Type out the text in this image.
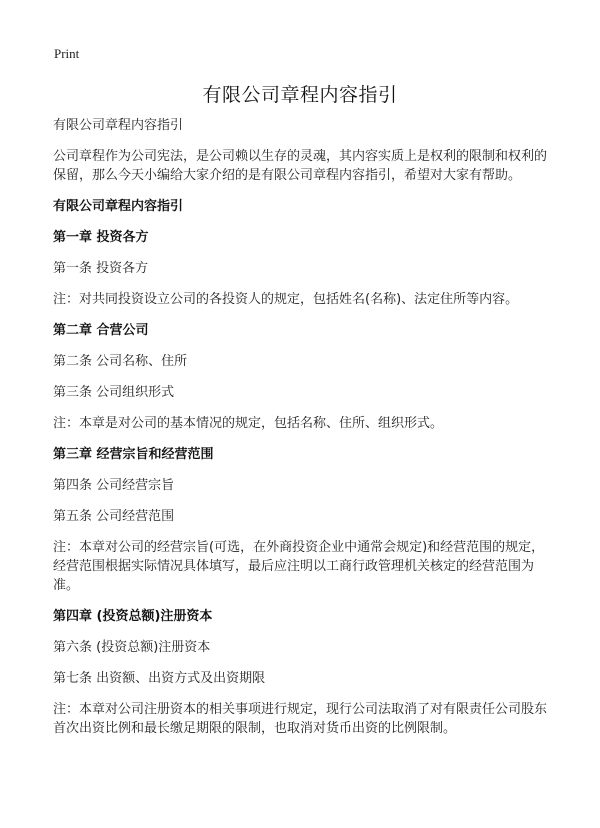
Print
有限公司章程内容指引
有限公司章程内容指引
公司章程作为公司宪法，是公司赖以生存的灵魂，其内容实质上是权利的限制和权利的保留，那么今天小编给大家介绍的是有限公司章程内容指引，希望对大家有帮助。
有限公司章程内容指引
第一章 投资各方
第一条 投资各方
注：对共同投资设立公司的各投资人的规定，包括姓名(名称)、法定住所等内容。
第二章 合营公司
第二条 公司名称、住所
第三条 公司组织形式
注：本章是对公司的基本情况的规定，包括名称、住所、组织形式。
第三章 经营宗旨和经营范围
第四条 公司经营宗旨
第五条 公司经营范围
注：本章对公司的经营宗旨(可选，在外商投资企业中通常会规定)和经营范围的规定，经营范围根据实际情况具体填写，最后应注明以工商行政管理机关核定的经营范围为准。
第四章 (投资总额)注册资本
第六条 (投资总额)注册资本
第七条 出资额、出资方式及出资期限
注：本章对公司注册资本的相关事项进行规定，现行公司法取消了对有限责任公司股东首次出资比例和最长缴足期限的限制，也取消对货币出资的比例限制。
